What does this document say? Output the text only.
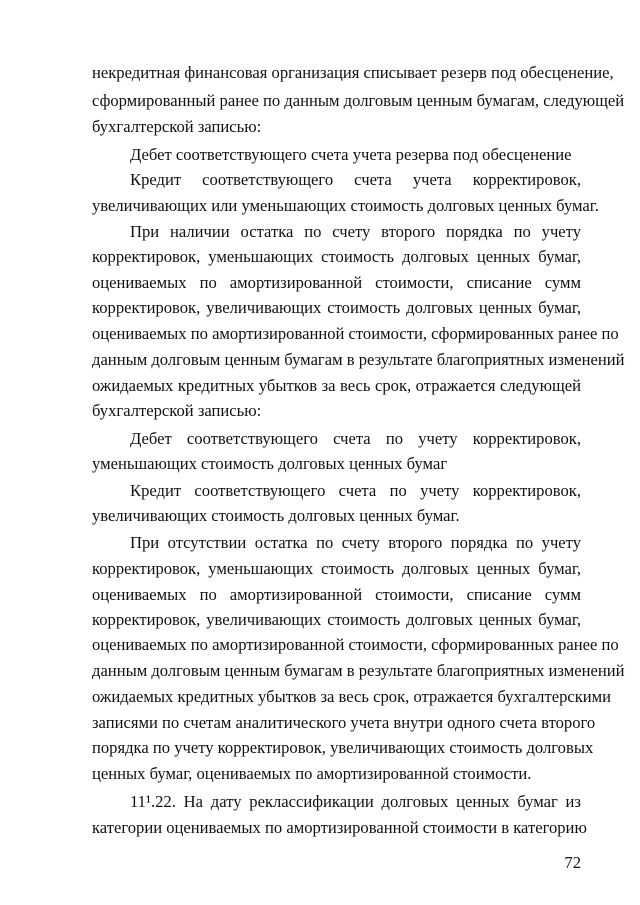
некредитная финансовая организация списывает резерв под обесценение,
сформированный ранее по данным долговым ценным бумагам, следующей
бухгалтерской записью:
Дебет соответствующего счета учета резерва под обесценение
Кредит соответствующего счета учета корректировок,
увеличивающих или уменьшающих стоимость долговых ценных бумаг.
При наличии остатка по счету второго порядка по учету
корректировок, уменьшающих стоимость долговых ценных бумаг,
оцениваемых по амортизированной стоимости, списание сумм
корректировок, увеличивающих стоимость долговых ценных бумаг,
оцениваемых по амортизированной стоимости, сформированных ранее по
данным долговым ценным бумагам в результате благоприятных изменений
ожидаемых кредитных убытков за весь срок, отражается следующей
бухгалтерской записью:
Дебет соответствующего счета по учету корректировок,
уменьшающих стоимость долговых ценных бумаг
Кредит соответствующего счета по учету корректировок,
увеличивающих стоимость долговых ценных бумаг.
При отсутствии остатка по счету второго порядка по учету
корректировок, уменьшающих стоимость долговых ценных бумаг,
оцениваемых по амортизированной стоимости, списание сумм
корректировок, увеличивающих стоимость долговых ценных бумаг,
оцениваемых по амортизированной стоимости, сформированных ранее по
данным долговым ценным бумагам в результате благоприятных изменений
ожидаемых кредитных убытков за весь срок, отражается бухгалтерскими
записями по счетам аналитического учета внутри одного счета второго
порядка по учету корректировок, увеличивающих стоимость долговых
ценных бумаг, оцениваемых по амортизированной стоимости.
11¹.22. На дату реклассификации долговых ценных бумаг из
категории оцениваемых по амортизированной стоимости в категорию
72
